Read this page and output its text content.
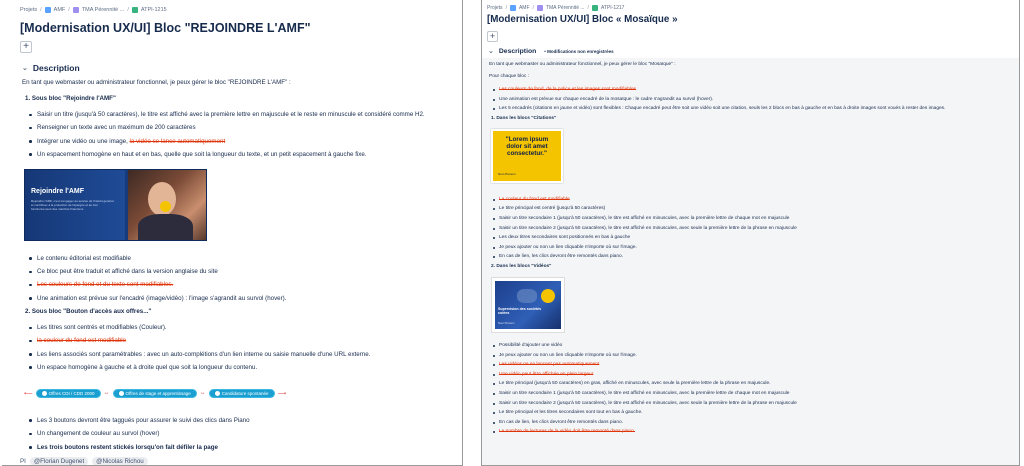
Projets / AMF / TMA Pérennité ... / ATPI-1215
[Modernisation UX/UI] Bloc "REJOINDRE L'AMF"
+
⌄ Description
En tant que webmaster ou administrateur fonctionnel, je peux gérer le bloc "REJOINDRE L'AMF" :
1. Sous bloc "Rejoindre l'AMF"
Saisir un titre (jusqu'à 50 caractères), le titre est affiché avec la première lettre en majuscule et le reste en minuscule et considéré comme H2.
Renseigner un texte avec un maximum de 200 caractères
Intégrer une vidéo ou une image, la vidéo se lance automatiquement
Un espacement homogène en haut et en bas, quelle que soit la longueur du texte, et un petit espacement à gauche fixe.
Rejoindre l'AMF
Rejoindre l'AMF, c'est s'engager au service de l'intérêt général et contribuer à la protection de l'épargne et au bon fonctionnement des marchés financiers.
Le contenu éditorial est modifiable
Ce bloc peut être traduit et affiché dans la version anglaise du site
Les couleurs de fond et du texte sont modifiables.
Une animation est prévue sur l'encadré (image/vidéo) : l'image s'agrandit au survol (hover).
2. Sous bloc "Bouton d'accès aux offres..."
Les titres sont centrés et modifiables (Couleur).
la couleur du fond est modifiable
Les liens associés sont paramétrables : avec un auto-complétions d'un lien interne ou saisie manuelle d'une URL externe.
Un espace homogène à gauche et à droite quel que soit la longueur du contenu.
⟵	Offres CDI / CDD 2000 ↔	Offres de stage et apprentissage ↔	Candidature spontanée ⟶
Les 3 boutons devront être taggués pour assurer le suivi des clics dans Piano
Un changement de couleur au survol (hover)
Les trois boutons restent stickés lorsqu'on fait défiler la page
PI	@Florian Dugenet	@Nicolas Richou
Projets / AMF / TMA Pérennité ... / ATPI-1217
[Modernisation UX/UI] Bloc « Mosaïque »
+
⌄ Description • Modifications non enregistrées
En tant que webmaster ou administrateur fonctionnel, je peux gérer le bloc "Mosaïque" :
Pour chaque bloc :
Les couleurs de fond, de la police et les images sont modifiables
Une animation est prévue sur chaque encadré de la mosaïque : le cadre s'agrandit au survol (hover).
Les 5 encadrés (citations en jaune et vidéo) sont flexibles : Chaque encadré peut être soit une vidéo soit une citation, seuls les 2 blocs en bas à gauche et en bas à droite images sont voués à rester des images.
1. Dans les blocs "Citations"
"Lorem ipsum dolor sit amet consectetur."
Nom Prénom
La couleur du fond est modifiable
Le titre principal est centré (jusqu'à 50 caractères)
Saisir un titre secondaire 1 (jusqu'à 50 caractères), le titre est affiché en minuscules, avec la première lettre de chaque mot en majuscule
Saisir un titre secondaire 2 (jusqu'à 50 caractères), le titre est affiché en minuscules, avec seule la première lettre de la phrase en majuscule
Les deux titres secondaires sont positionnés en bas à gauche
Je peux ajouter ou non un lien cliquable n'importe où sur l'image.
En cas de lien, les clics devront être remontés dans piano.
2. Dans les blocs "Vidéos"
Supervision des sociétés cotées
Nom Prénom
Possibilité d'ajouter une vidéo
Je peux ajouter ou non un lien cliquable n'importe où sur l'image.
Les vidéos ne se lancent pas automatiquement
Une vidéo peut être affichée en plein largeur
Le titre principal (jusqu'à 50 caractères) en gras, affiché en minuscules, avec seule la première lettre de la phrase en majuscule.
Saisir un titre secondaire 1 (jusqu'à 50 caractères), le titre est affiché en minuscules, avec la première lettre de chaque mot en majuscule
Saisir un titre secondaire 2 (jusqu'à 50 caractères), le titre est affiché en minuscules, avec seule la première lettre de la phrase en majuscule
Le titre principal et les titres secondaires sont tout en bas à gauche.
En cas de lien, les clics devront être remontés dans piano.
Le nombre de lectures de la vidéo doit être remonté dans piano.
